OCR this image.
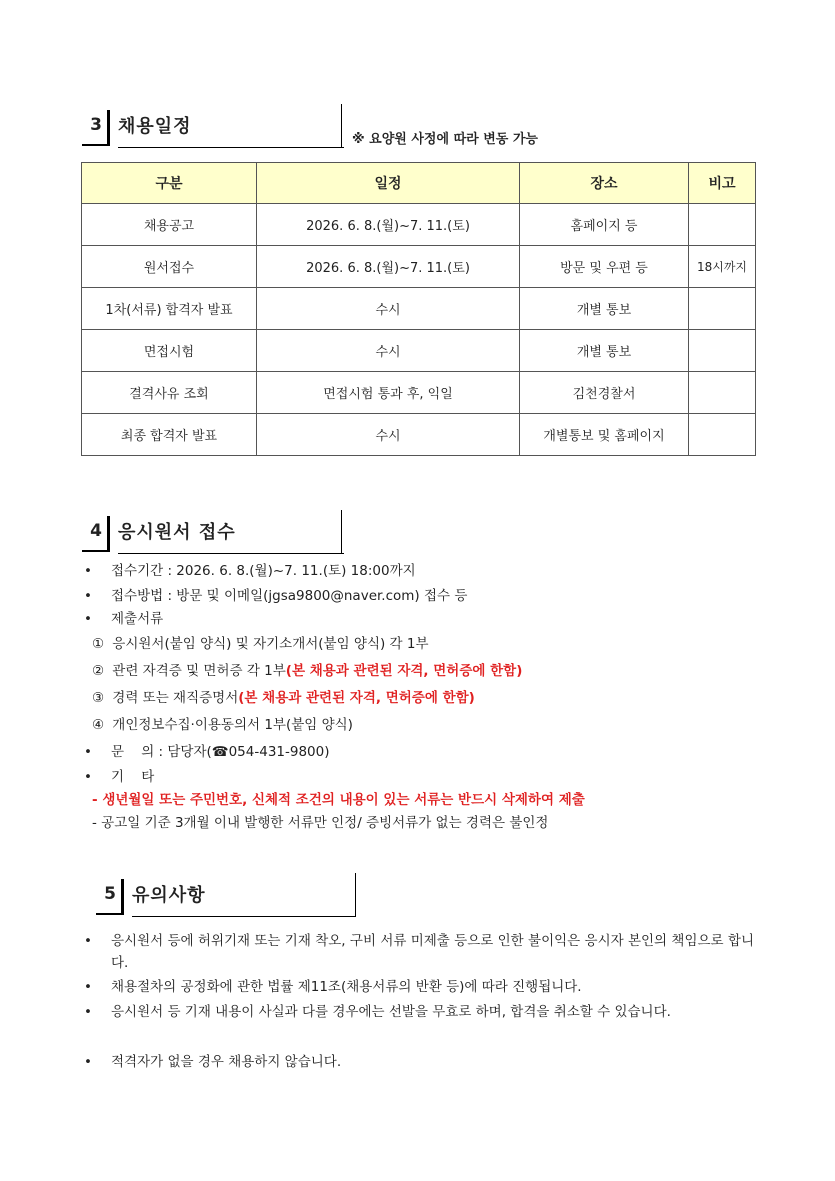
3 채용일정
※ 요양원 사정에 따라 변동 가능
구분	일정	장소	비고
채용공고	2026. 6. 8.(월)~7. 11.(토)	홈페이지 등	
원서접수	2026. 6. 8.(월)~7. 11.(토)	방문 및 우편 등	18시까지
1차(서류) 합격자 발표	수시	개별 통보	
면접시험	수시	개별 통보	
결격사유 조회	면접시험 통과 후, 익일	김천경찰서	
최종 합격자 발표	수시	개별통보 및 홈페이지	
4 응시원서 접수
• 접수기간 : 2026. 6. 8.(월)~7. 11.(토) 18:00까지
• 접수방법 : 방문 및 이메일(jgsa9800@naver.com) 접수 등
• 제출서류
① 응시원서(붙임 양식) 및 자기소개서(붙임 양식) 각 1부
② 관련 자격증 및 면허증 각 1부(본 채용과 관련된 자격, 면허증에 한함)
③ 경력 또는 재직증명서(본 채용과 관련된 자격, 면허증에 한함)
④ 개인정보수집·이용동의서 1부(붙임 양식)
• 문    의 : 담당자(☎054-431-9800)
• 기    타
- 생년월일 또는 주민번호, 신체적 조건의 내용이 있는 서류는 반드시 삭제하여 제출
- 공고일 기준 3개월 이내 발행한 서류만 인정/ 증빙서류가 없는 경력은 불인정
5 유의사항
• 응시원서 등에 허위기재 또는 기재 착오, 구비 서류 미제출 등으로 인한 불이익은 응시자 본인의 책임으로 합니다.
• 채용절차의 공정화에 관한 법률 제11조(채용서류의 반환 등)에 따라 진행됩니다.
• 응시원서 등 기재 내용이 사실과 다를 경우에는 선발을 무효로 하며, 합격을 취소할 수 있습니다.
• 적격자가 없을 경우 채용하지 않습니다.
